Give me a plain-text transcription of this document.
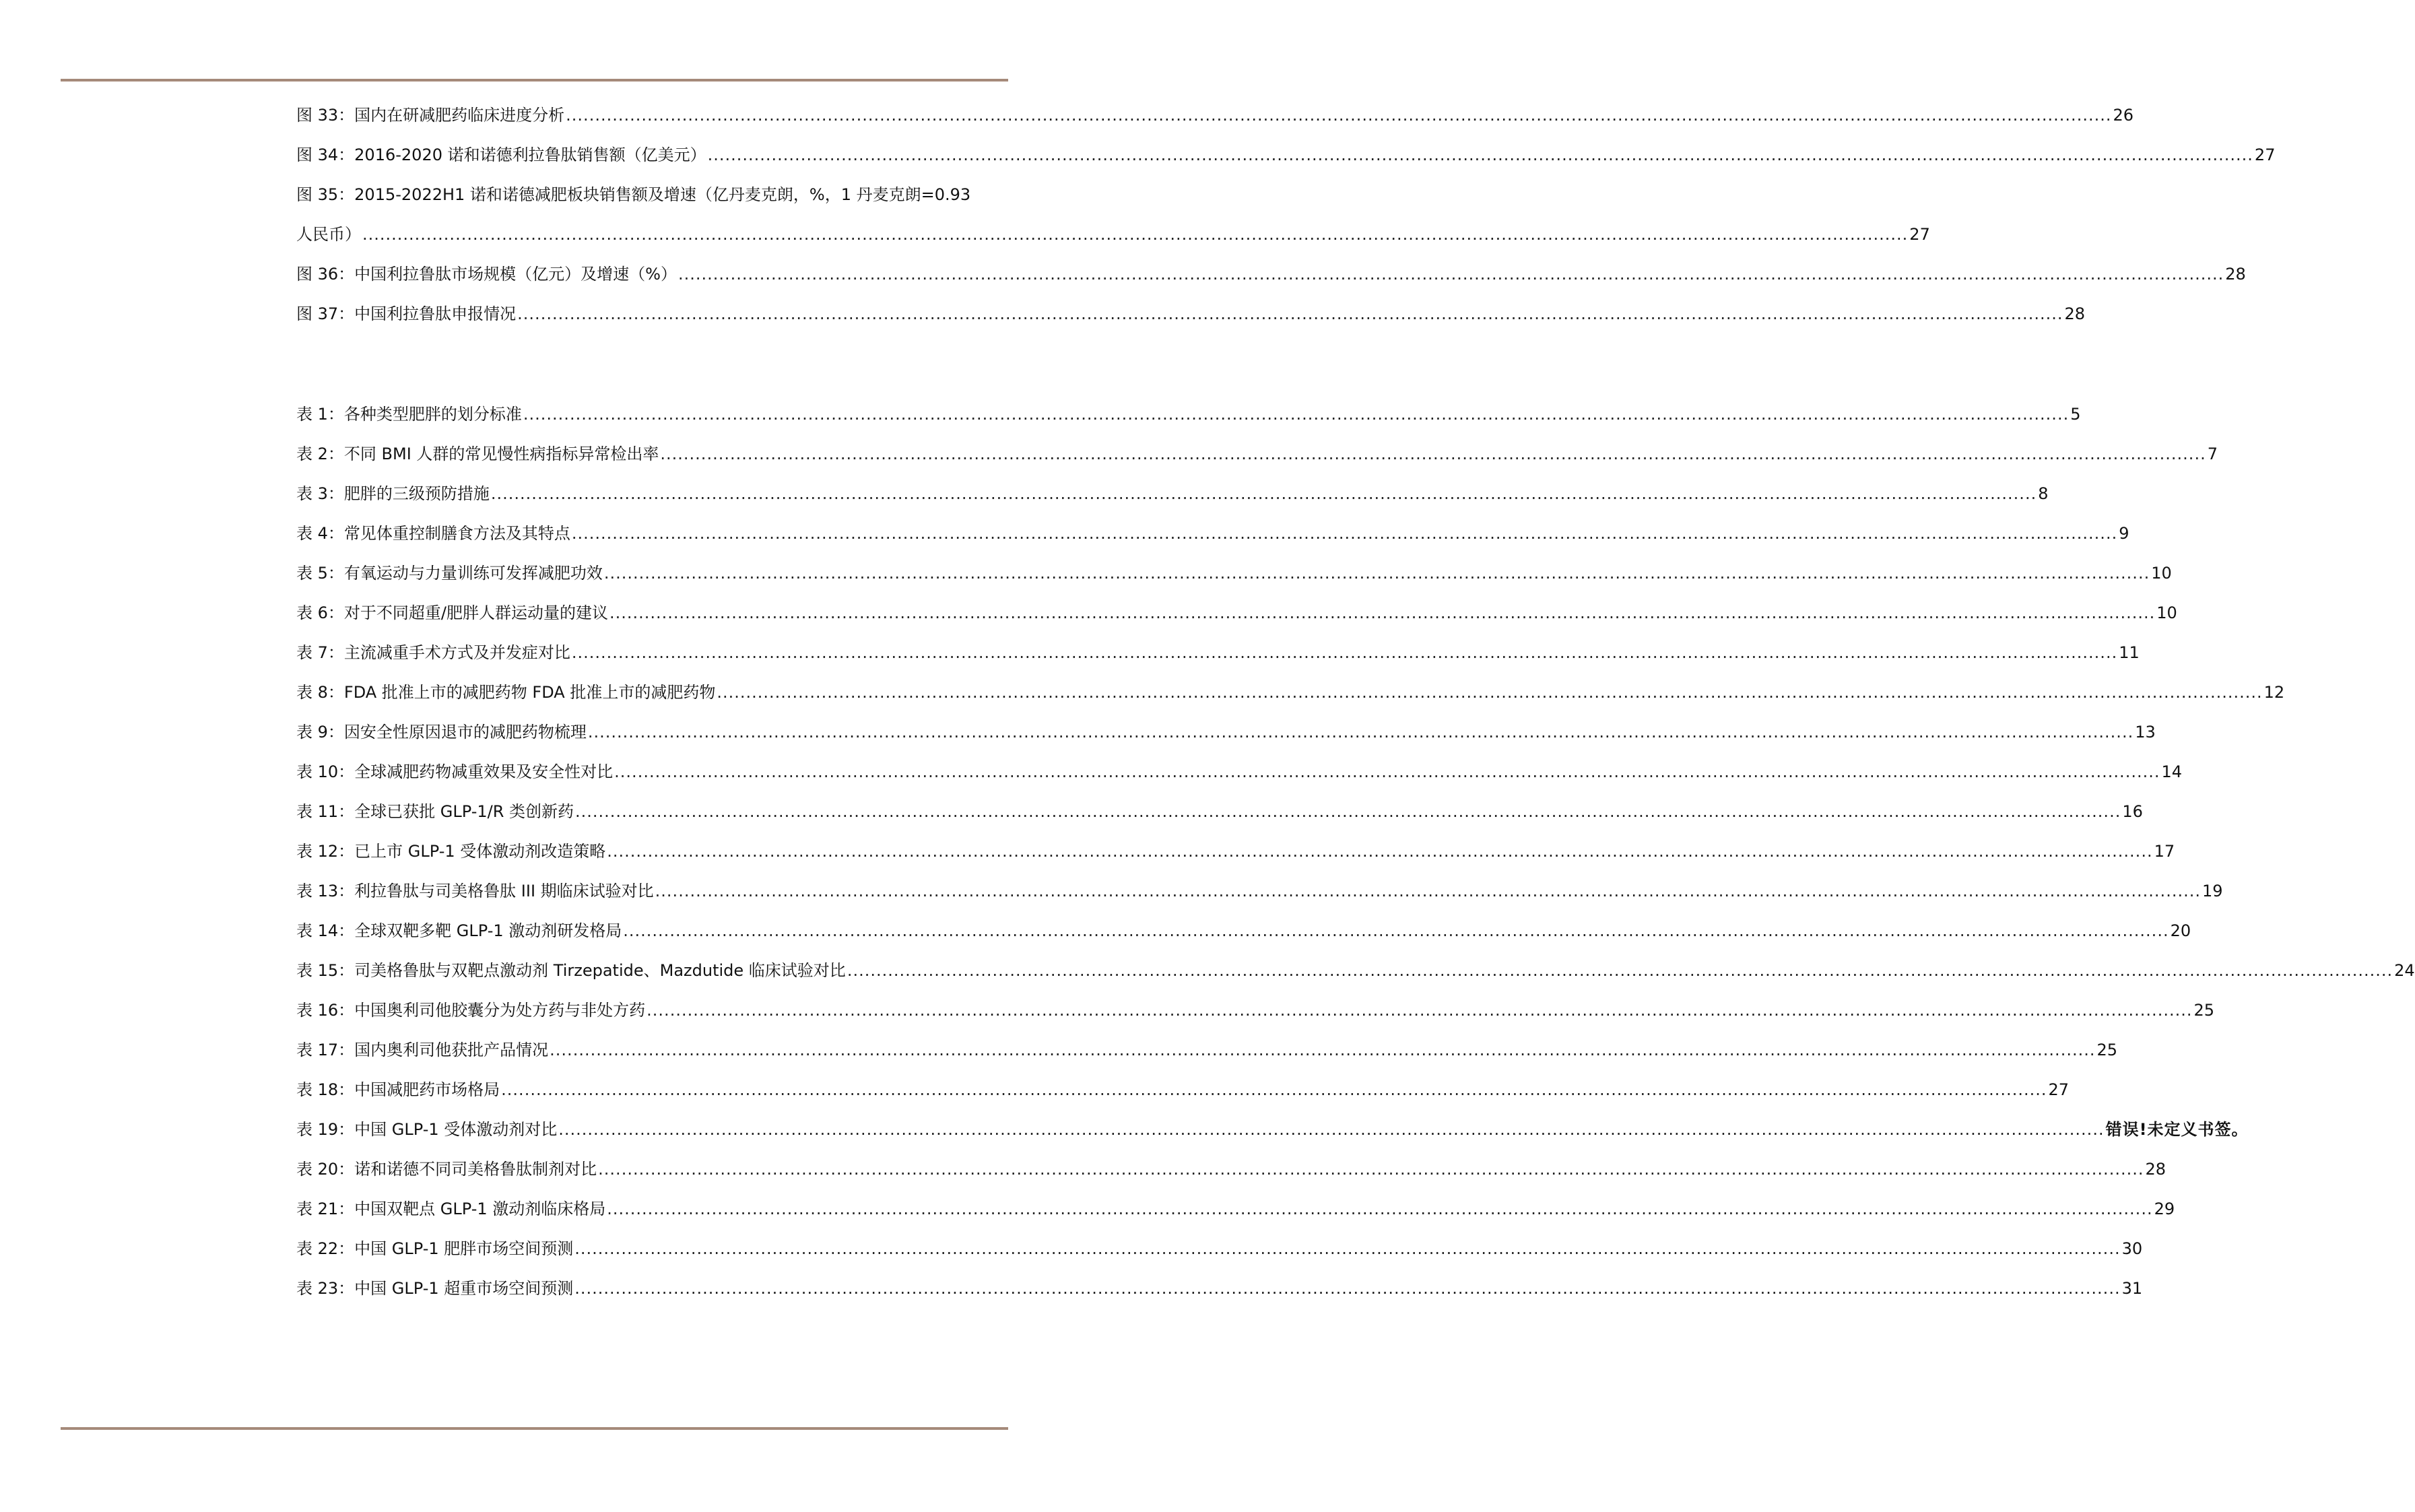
图 33：国内在研减肥药临床进度分析 .....	26
图 34：2016-2020 诺和诺德利拉鲁肽销售额（亿美元） .....	27
图 35：2015-2022H1 诺和诺德减肥板块销售额及增速（亿丹麦克朗，%，1 丹麦克朗=0.93
人民币） .....	27
图 36：中国利拉鲁肽市场规模（亿元）及增速（%） .....	28
图 37：中国利拉鲁肽申报情况 .....	28
表 1：各种类型肥胖的划分标准 .....	5
表 2：不同 BMI 人群的常见慢性病指标异常检出率 .....	7
表 3：肥胖的三级预防措施 .....	8
表 4：常见体重控制膳食方法及其特点 .....	9
表 5：有氧运动与力量训练可发挥减肥功效 .....	10
表 6：对于不同超重/肥胖人群运动量的建议 .....	10
表 7：主流减重手术方式及并发症对比 .....	11
表 8：FDA 批准上市的减肥药物 FDA 批准上市的减肥药物 .....	12
表 9：因安全性原因退市的减肥药物梳理 .....	13
表 10：全球减肥药物减重效果及安全性对比 .....	14
表 11：全球已获批 GLP-1/R 类创新药 .....	16
表 12：已上市 GLP-1 受体激动剂改造策略 .....	17
表 13：利拉鲁肽与司美格鲁肽 III 期临床试验对比 .....	19
表 14：全球双靶多靶 GLP-1 激动剂研发格局 .....	20
表 15：司美格鲁肽与双靶点激动剂 Tirzepatide、Mazdutide 临床试验对比 .....	24
表 16：中国奥利司他胶囊分为处方药与非处方药 .....	25
表 17：国内奥利司他获批产品情况 .....	25
表 18：中国减肥药市场格局 .....	27
表 19：中国 GLP-1 受体激动剂对比 .....	错误!未定义书签。
表 20：诺和诺德不同司美格鲁肽制剂对比 .....	28
表 21：中国双靶点 GLP-1 激动剂临床格局 .....	29
表 22：中国 GLP-1 肥胖市场空间预测 .....	30
表 23：中国 GLP-1 超重市场空间预测 .....	31
